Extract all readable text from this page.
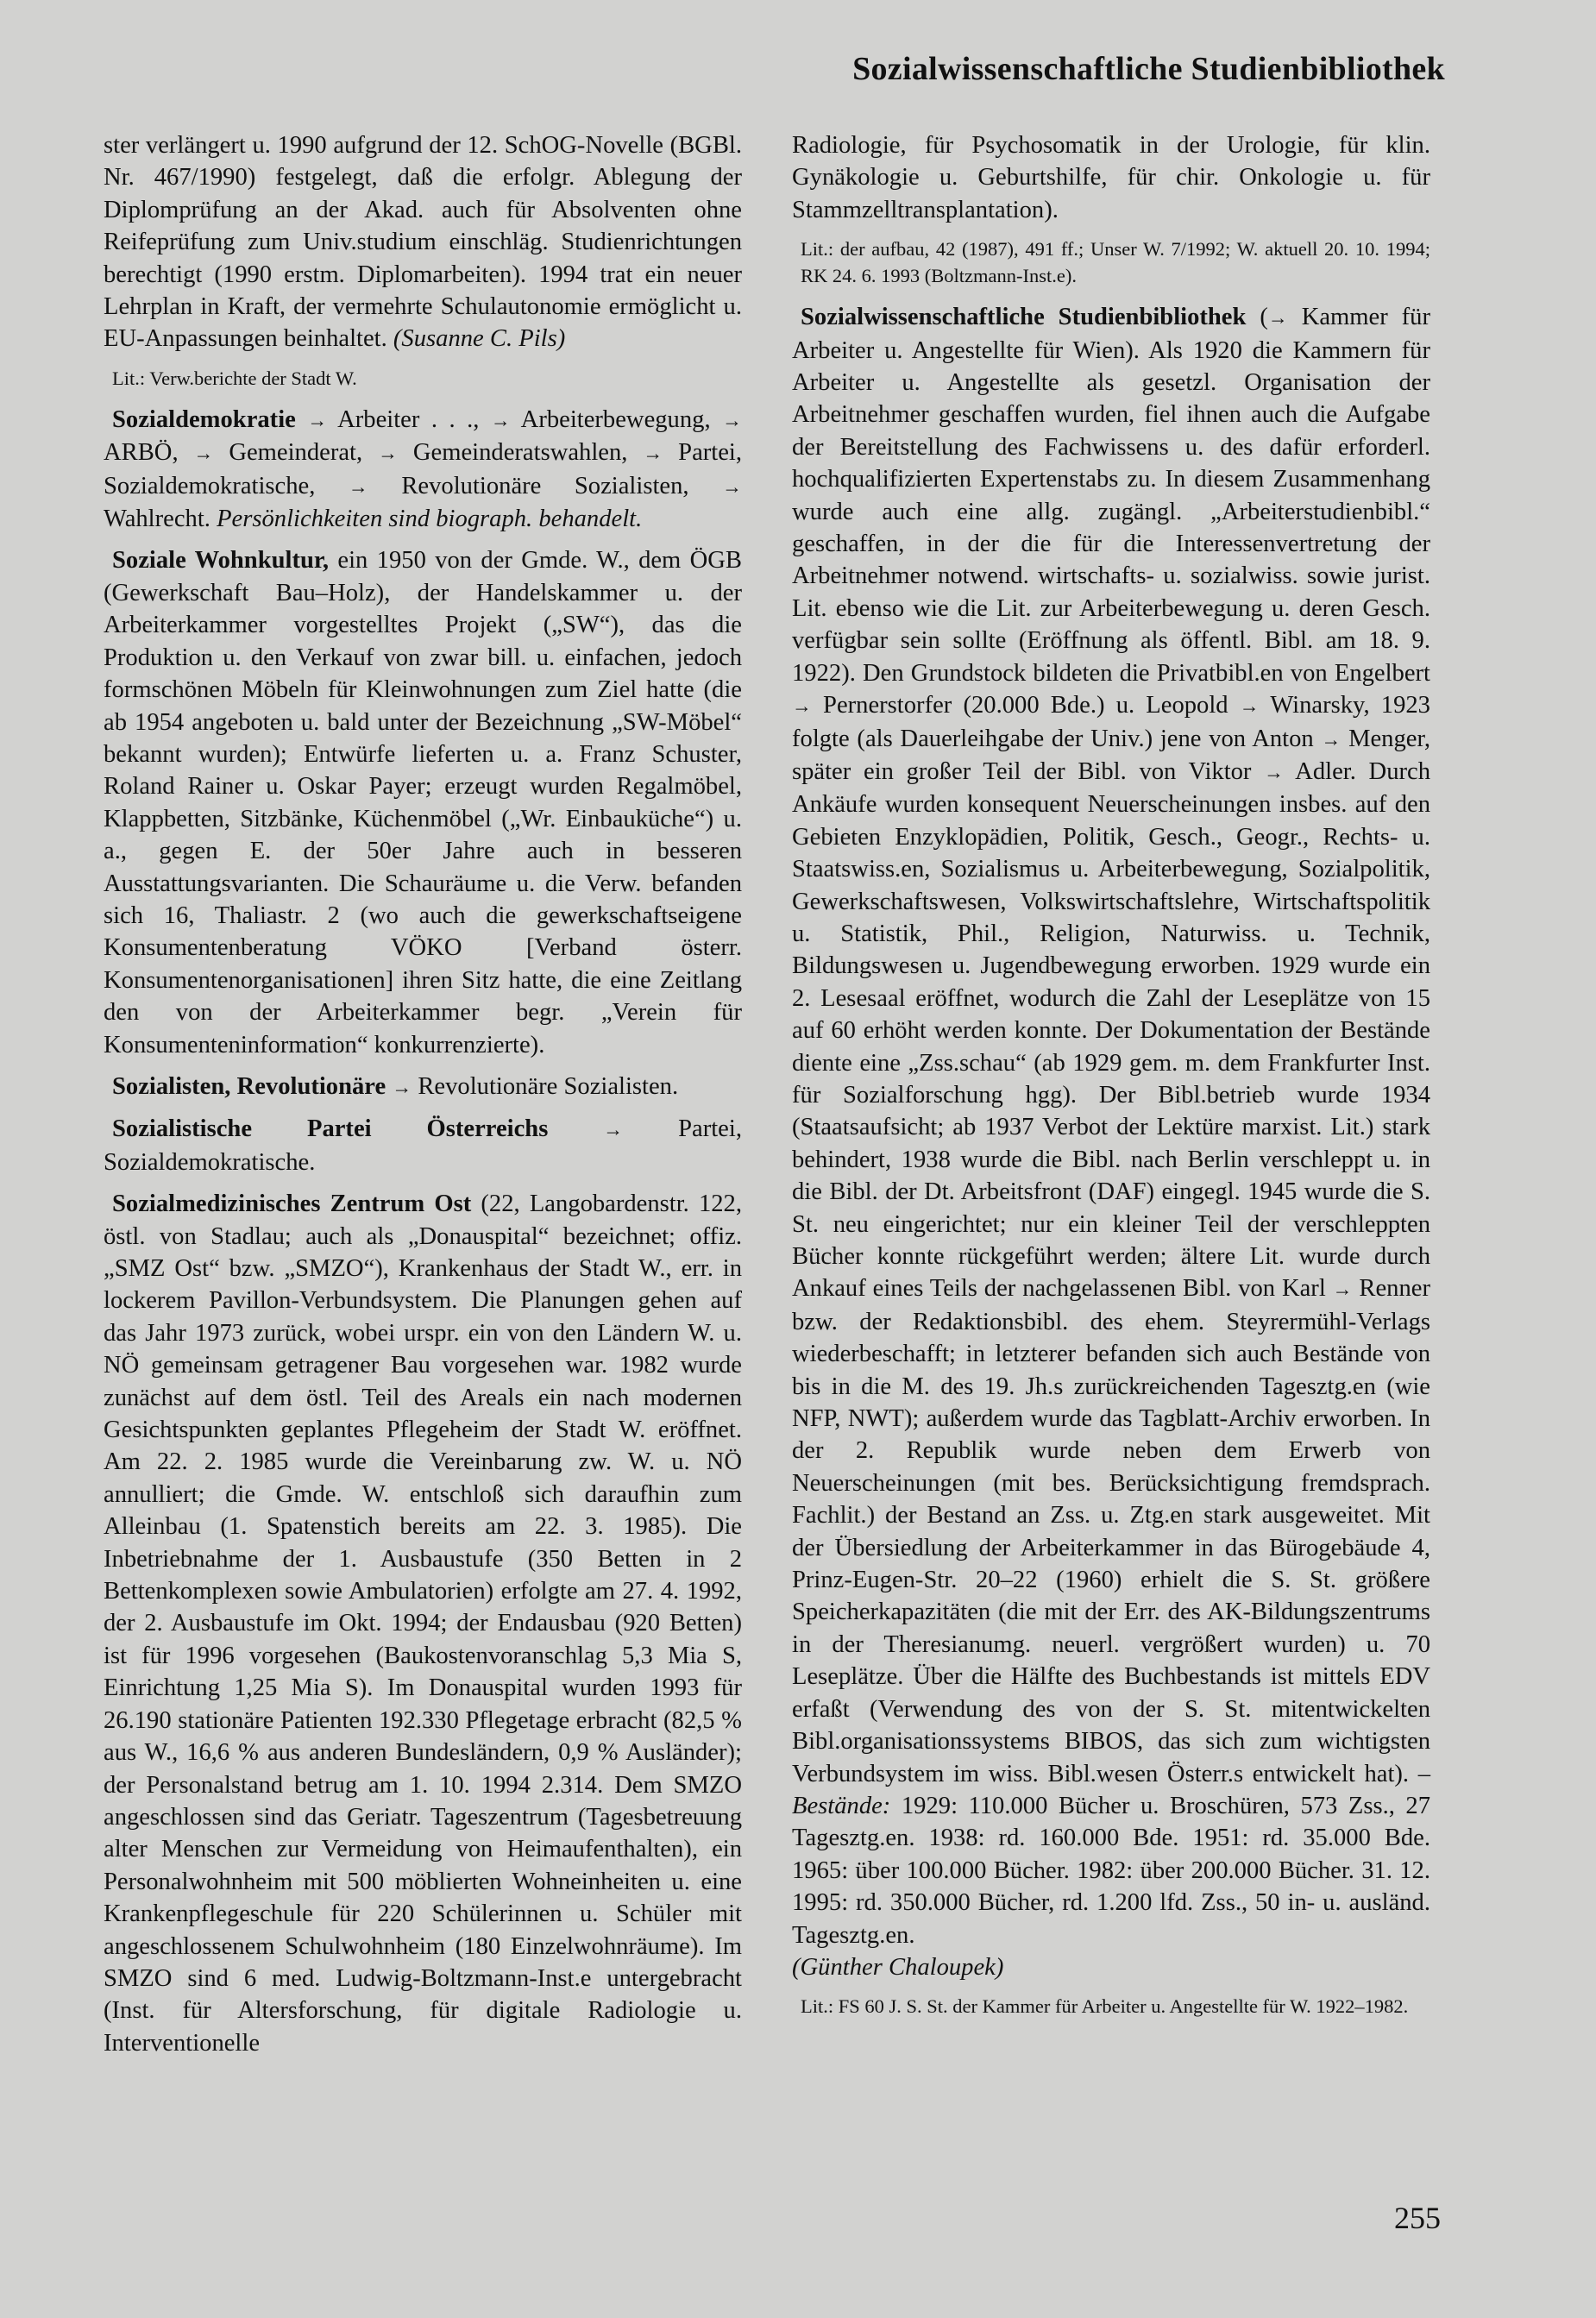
Sozialwissenschaftliche Studienbibliothek

ster verlängert u. 1990 aufgrund der 12. SchOG-Novelle (BGBl. Nr. 467/1990) festgelegt, daß die erfolgr. Ablegung der Diplomprüfung an der Akad. auch für Absolventen ohne Reifeprüfung zum Univ.studium einschläg. Studienrichtungen berechtigt (1990 erstm. Diplomarbeiten). 1994 trat ein neuer Lehrplan in Kraft, der vermehrte Schulautonomie ermöglicht u. EU-Anpassungen beinhaltet. (Susanne C. Pils)

Lit.: Verw.berichte der Stadt W.

Sozialdemokratie → Arbeiter . . ., → Arbeiterbewegung, → ARBÖ, → Gemeinderat, → Gemeinderatswahlen, → Partei, Sozialdemokratische, → Revolutionäre Sozialisten, → Wahlrecht. Persönlichkeiten sind biograph. behandelt.

Soziale Wohnkultur, ein 1950 von der Gmde. W., dem ÖGB (Gewerkschaft Bau–Holz), der Handelskammer u. der Arbeiterkammer vorgestelltes Projekt („SW“), das die Produktion u. den Verkauf von zwar bill. u. einfachen, jedoch formschönen Möbeln für Kleinwohnungen zum Ziel hatte (die ab 1954 angeboten u. bald unter der Bezeichnung „SW-Möbel“ bekannt wurden); Entwürfe lieferten u. a. Franz Schuster, Roland Rainer u. Oskar Payer; erzeugt wurden Regalmöbel, Klappbetten, Sitzbänke, Küchenmöbel („Wr. Einbauküche“) u. a., gegen E. der 50er Jahre auch in besseren Ausstattungsvarianten. Die Schauräume u. die Verw. befanden sich 16, Thaliastr. 2 (wo auch die gewerkschaftseigene Konsumentenberatung VÖKO [Verband österr. Konsumentenorganisationen] ihren Sitz hatte, die eine Zeitlang den von der Arbeiterkammer begr. „Verein für Konsumenteninformation“ konkurrenzierte).

Sozialisten, Revolutionäre → Revolutionäre Sozialisten.

Sozialistische Partei Österreichs	→ Partei, Sozialdemokratische.

Sozialmedizinisches Zentrum Ost (22, Langobardenstr. 122, östl. von Stadlau; auch als „Donauspital“ bezeichnet; offiz. „SMZ Ost“ bzw. „SMZO“), Krankenhaus der Stadt W., err. in lockerem Pavillon-Verbundsystem. Die Planungen gehen auf das Jahr 1973 zurück, wobei urspr. ein von den Ländern W. u. NÖ gemeinsam getragener Bau vorgesehen war. 1982 wurde zunächst auf dem östl. Teil des Areals ein nach modernen Gesichtspunkten geplantes Pflegeheim der Stadt W. eröffnet. Am 22. 2. 1985 wurde die Vereinbarung zw. W. u. NÖ annulliert; die Gmde. W. entschloß sich daraufhin zum Alleinbau (1. Spatenstich bereits am 22. 3. 1985). Die Inbetriebnahme der 1. Ausbaustufe (350 Betten in 2 Bettenkomplexen sowie Ambulatorien) erfolgte am 27. 4. 1992, der 2. Ausbaustufe im Okt. 1994; der Endausbau (920 Betten) ist für 1996 vorgesehen (Baukostenvoranschlag 5,3 Mia S, Einrichtung 1,25 Mia S). Im Donauspital wurden 1993 für 26.190 stationäre Patienten 192.330 Pflegetage erbracht (82,5 % aus W., 16,6 % aus anderen Bundesländern, 0,9 % Ausländer); der Personalstand betrug am 1. 10. 1994 2.314. Dem SMZO angeschlossen sind das Geriatr. Tageszentrum (Tagesbetreuung alter Menschen zur Vermeidung von Heimaufenthalten), ein Personalwohnheim mit 500 möblierten Wohneinheiten u. eine Krankenpflegeschule für 220 Schülerinnen u. Schüler mit angeschlossenem Schulwohnheim (180 Einzelwohnräume). Im SMZO sind 6 med. Ludwig-Boltzmann-Inst.e untergebracht (Inst. für Altersforschung, für digitale Radiologie u. Interventionelle

Radiologie, für Psychosomatik in der Urologie, für klin. Gynäkologie u. Geburtshilfe, für chir. Onkologie u. für Stammzelltransplantation).

Lit.: der aufbau, 42 (1987), 491 ff.; Unser W. 7/1992; W. aktuell 20. 10. 1994; RK 24. 6. 1993 (Boltzmann-Inst.e).

Sozialwissenschaftliche Studienbibliothek (→ Kammer für Arbeiter u. Angestellte für Wien). Als 1920 die Kammern für Arbeiter u. Angestellte als gesetzl. Organisation der Arbeitnehmer geschaffen wurden, fiel ihnen auch die Aufgabe der Bereitstellung des Fachwissens u. des dafür erforderl. hochqualifizierten Expertenstabs zu. In diesem Zusammenhang wurde auch eine allg. zugängl. „Arbeiterstudienbibl.“ geschaffen, in der die für die Interessenvertretung der Arbeitnehmer notwend. wirtschafts- u. sozialwiss. sowie jurist. Lit. ebenso wie die Lit. zur Arbeiterbewegung u. deren Gesch. verfügbar sein sollte (Eröffnung als öffentl. Bibl. am 18. 9. 1922). Den Grundstock bildeten die Privatbibl.en von Engelbert → Pernerstorfer (20.000 Bde.) u. Leopold → Winarsky, 1923 folgte (als Dauerleihgabe der Univ.) jene von Anton → Menger, später ein großer Teil der Bibl. von Viktor → Adler. Durch Ankäufe wurden konsequent Neuerscheinungen insbes. auf den Gebieten Enzyklopädien, Politik, Gesch., Geogr., Rechts- u. Staatswiss.en, Sozialismus u. Arbeiterbewegung, Sozialpolitik, Gewerkschaftswesen, Volkswirtschaftslehre, Wirtschaftspolitik u. Statistik, Phil., Religion, Naturwiss. u. Technik, Bildungswesen u. Jugendbewegung erworben. 1929 wurde ein 2. Lesesaal eröffnet, wodurch die Zahl der Leseplätze von 15 auf 60 erhöht werden konnte. Der Dokumentation der Bestände diente eine „Zss.schau“ (ab 1929 gem. m. dem Frankfurter Inst. für Sozialforschung hgg). Der Bibl.betrieb wurde 1934 (Staatsaufsicht; ab 1937 Verbot der Lektüre marxist. Lit.) stark behindert, 1938 wurde die Bibl. nach Berlin verschleppt u. in die Bibl. der Dt. Arbeitsfront (DAF) eingegl. 1945 wurde die S. St. neu eingerichtet; nur ein kleiner Teil der verschleppten Bücher konnte rückgeführt werden; ältere Lit. wurde durch Ankauf eines Teils der nachgelassenen Bibl. von Karl → Renner bzw. der Redaktionsbibl. des ehem. Steyrermühl-Verlags wiederbeschafft; in letzterer befanden sich auch Bestände von bis in die M. des 19. Jh.s zurückreichenden Tagesztg.en (wie NFP, NWT); außerdem wurde das Tagblatt-Archiv erworben. In der 2. Republik wurde neben dem Erwerb von Neuerscheinungen (mit bes. Berücksichtigung fremdsprach. Fachlit.) der Bestand an Zss. u. Ztg.en stark ausgeweitet. Mit der Übersiedlung der Arbeiterkammer in das Bürogebäude 4, Prinz-Eugen-Str. 20–22 (1960) erhielt die S. St. größere Speicherkapazitäten (die mit der Err. des AK-Bildungszentrums in der Theresianumg. neuerl. vergrößert wurden) u. 70 Leseplätze. Über die Hälfte des Buchbestands ist mittels EDV erfaßt (Verwendung des von der S. St. mitentwickelten Bibl.organisationssystems BIBOS, das sich zum wichtigsten Verbundsystem im wiss. Bibl.wesen Österr.s entwickelt hat). –Bestände: 1929: 110.000 Bücher u. Broschüren, 573 Zss., 27 Tagesztg.en. 1938: rd. 160.000 Bde. 1951: rd. 35.000 Bde. 1965: über 100.000 Bücher. 1982: über 200.000 Bücher. 31. 12. 1995: rd. 350.000 Bücher, rd. 1.200 lfd. Zss., 50 in- u. ausländ. Tagesztg.en.
(Günther Chaloupek)

Lit.: FS 60 J. S. St. der Kammer für Arbeiter u. Angestellte für W. 1922–1982.

255
